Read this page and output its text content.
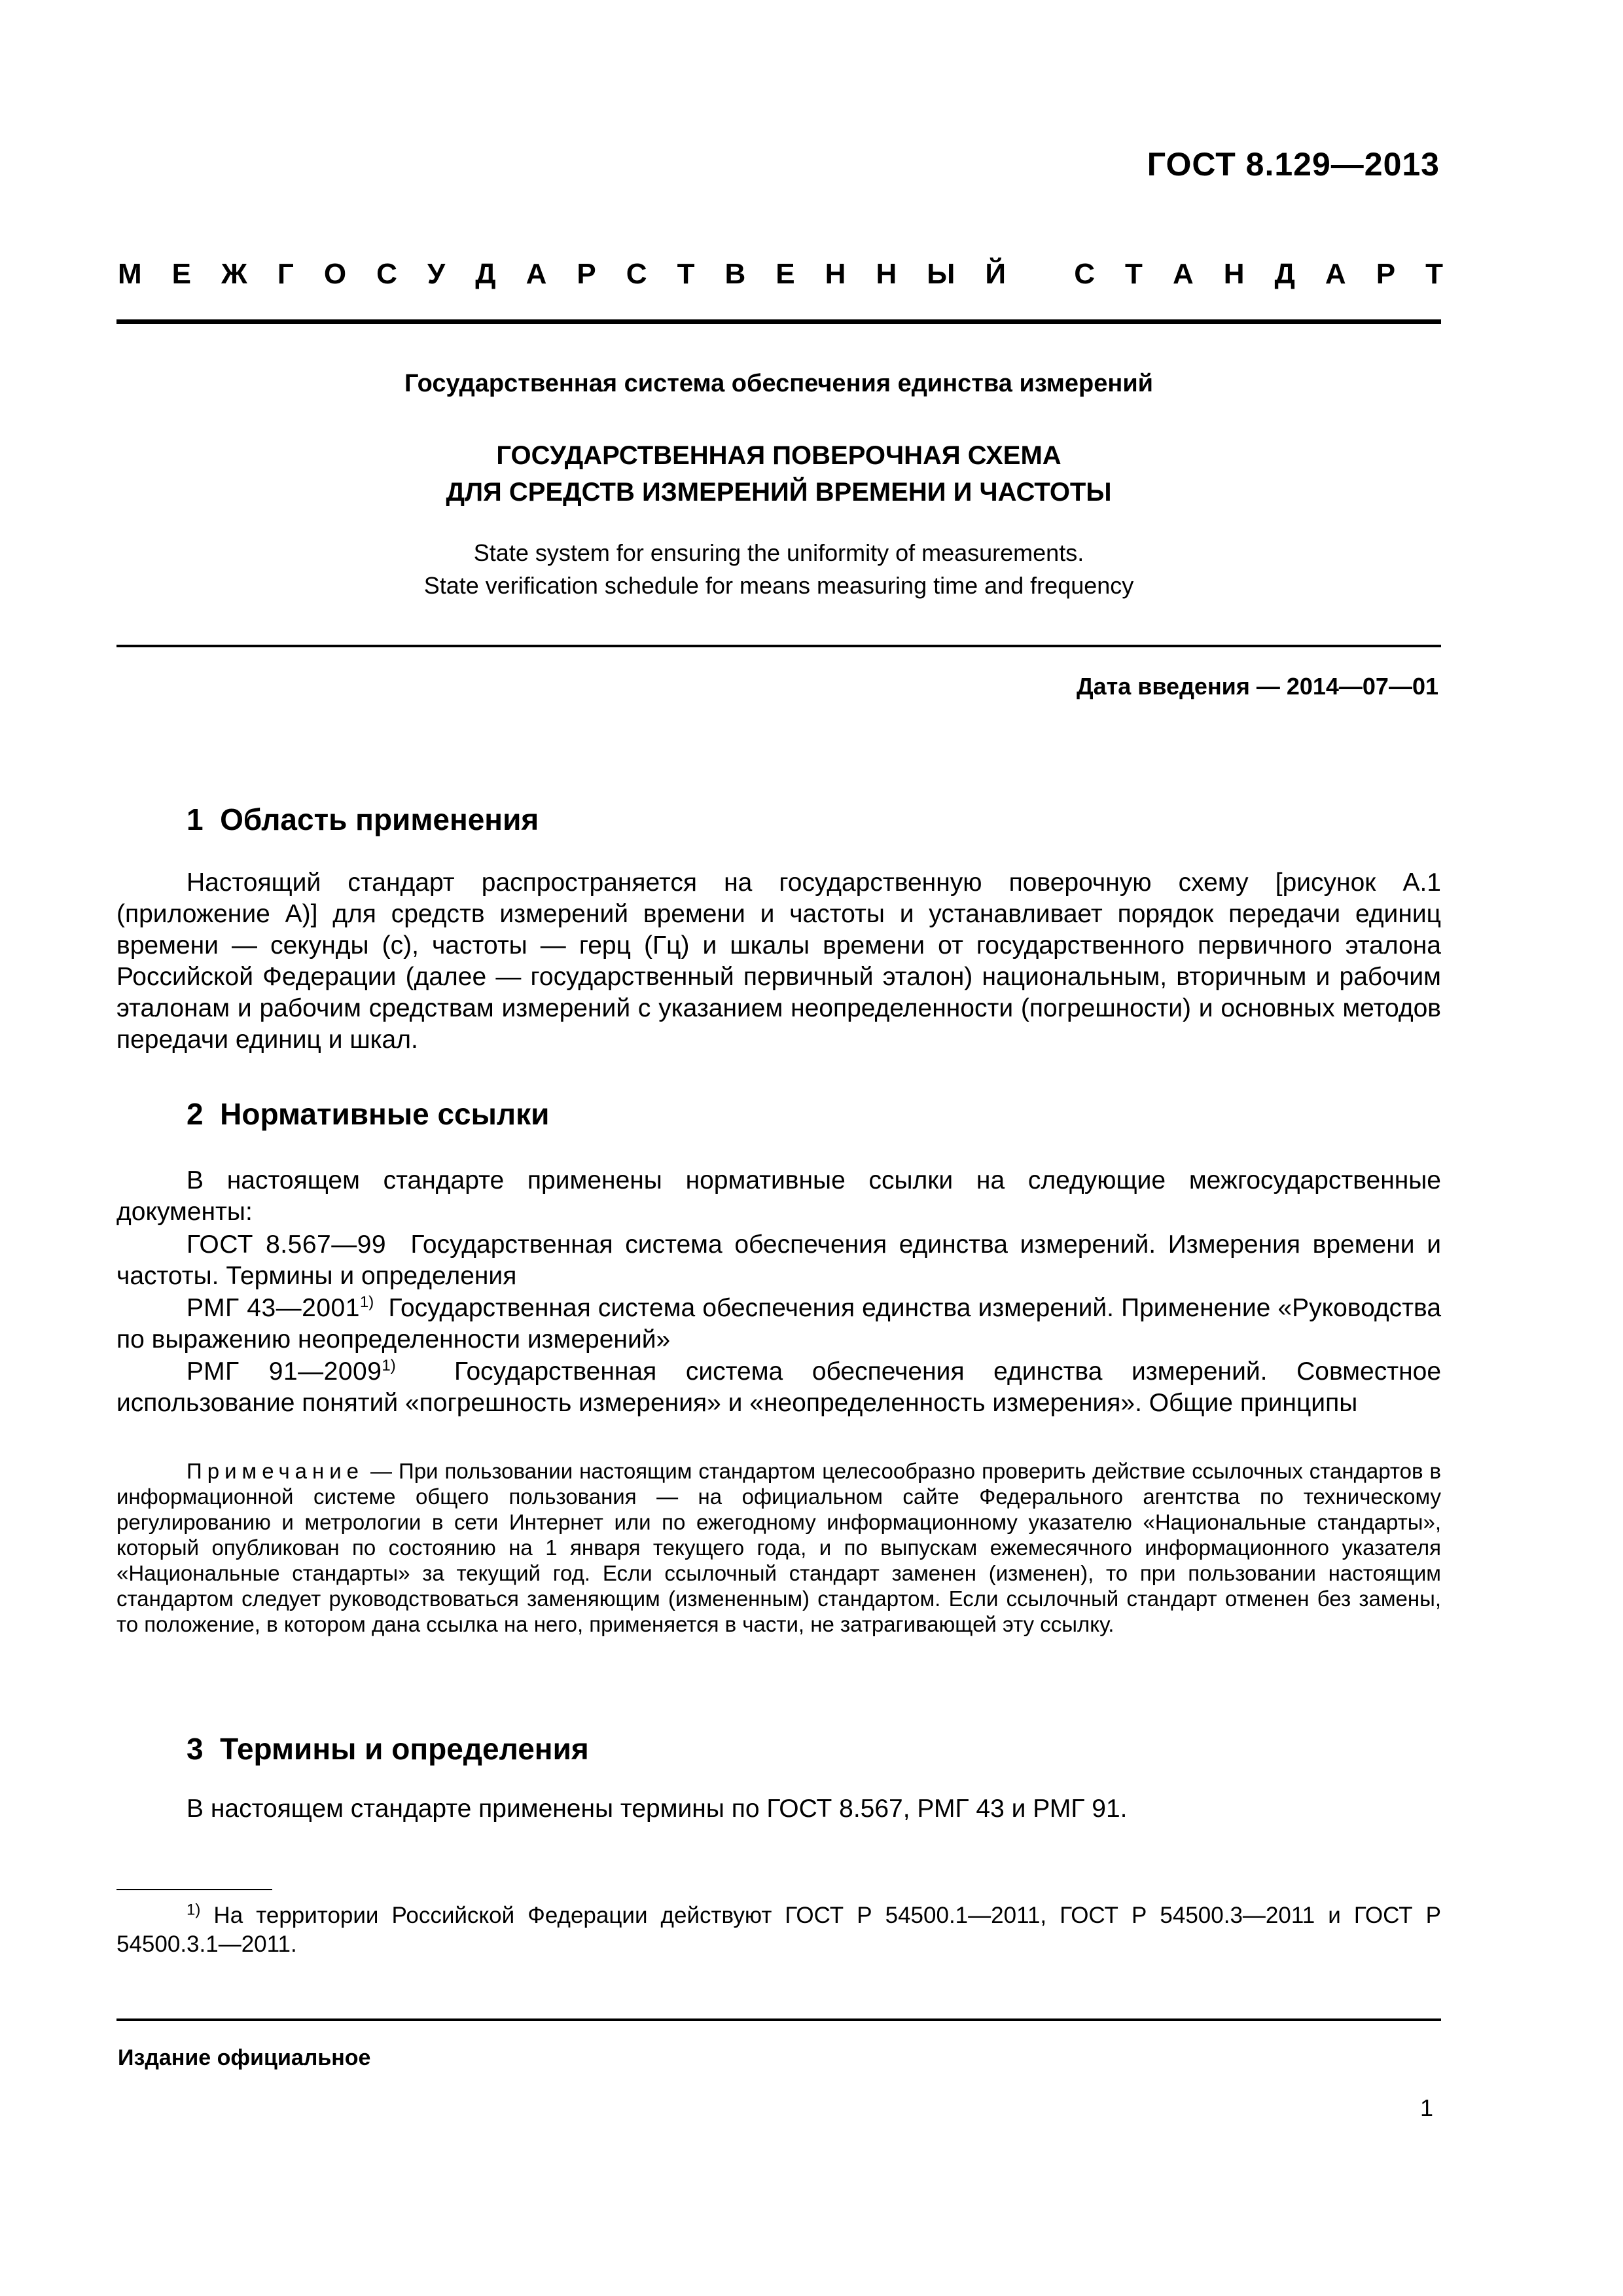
ГОСТ 8.129—2013
М Е Ж Г О С У Д А Р С Т В Е Н Н Ы Й
С Т А Н Д А Р Т
Государственная система обеспечения единства измерений
ГОСУДАРСТВЕННАЯ ПОВЕРОЧНАЯ СХЕМА
ДЛЯ СРЕДСТВ ИЗМЕРЕНИЙ ВРЕМЕНИ И ЧАСТОТЫ
State system for ensuring the uniformity of measurements.
State verification schedule for means measuring time and frequency
Дата введения — 2014—07—01
1  Область применения
Настоящий стандарт распространяется на государственную поверочную схему [рисунок А.1 (приложение А)] для средств измерений времени и частоты и устанавливает порядок передачи единиц времени — секунды (с), частоты — герц (Гц) и шкалы времени от государственного первичного эталона Российской Федерации (далее — государственный первичный эталон) национальным, вторичным и рабочим эталонам и рабочим средствам измерений с указанием неопределенности (погрешности) и основных методов передачи единиц и шкал.
2  Нормативные ссылки
В настоящем стандарте применены нормативные ссылки на следующие межгосударственные документы:
ГОСТ 8.567—99 Государственная система обеспечения единства измерений. Измерения времени и частоты. Термины и определения
РМГ 43—2001$^{1)}$ Государственная система обеспечения единства измерений. Применение «Руководства по выражению неопределенности измерений»
РМГ 91—2009$^{1)}$ Государственная система обеспечения единства измерений. Совместное использование понятий «погрешность измерения» и «неопределенность измерения». Общие принципы
Примечание — При пользовании настоящим стандартом целесообразно проверить действие ссылочных стандартов в информационной системе общего пользования — на официальном сайте Федерального агентства по техническому регулированию и метрологии в сети Интернет или по ежегодному информационному указателю «Национальные стандарты», который опубликован по состоянию на 1 января текущего года, и по выпускам ежемесячного информационного указателя «Национальные стандарты» за текущий год. Если ссылочный стандарт заменен (изменен), то при пользовании настоящим стандартом следует руководствоваться заменяющим (измененным) стандартом. Если ссылочный стандарт отменен без замены, то положение, в котором дана ссылка на него, применяется в части, не затрагивающей эту ссылку.
3  Термины и определения
В настоящем стандарте применены термины по ГОСТ 8.567, РМГ 43 и РМГ 91.
$^{1)}$ На территории Российской Федерации действуют ГОСТ Р 54500.1—2011, ГОСТ Р 54500.3—2011 и ГОСТ Р 54500.3.1—2011.
Издание официальное
1
